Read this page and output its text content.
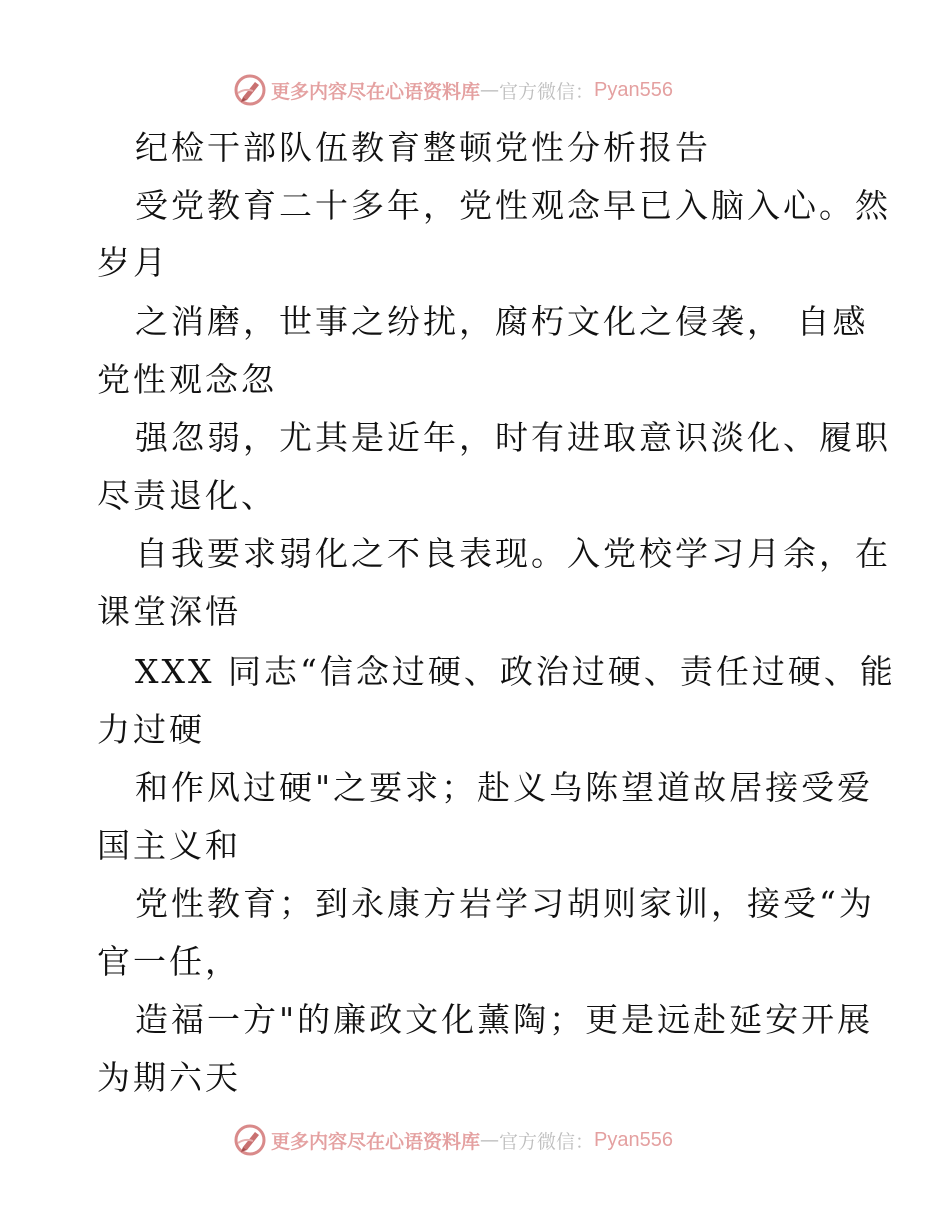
更多内容尽在心语资料库 — 官方微信： Pyan556
纪检干部队伍教育整顿党性分析报告
受党教育二十多年，党性观念早已入脑入心。然
岁月
之消磨，世事之纷扰，腐朽文化之侵袭， 自感
党性观念忽
强忽弱，尤其是近年，时有进取意识淡化、履职
尽责退化、
自我要求弱化之不良表现。入党校学习月余，在
课堂深悟
XXX 同志“信念过硬、政治过硬、责任过硬、能
力过硬
和作风过硬"之要求；赴义乌陈望道故居接受爱
国主义和
党性教育；到永康方岩学习胡则家训，接受“为
官一任，
造福一方"的廉政文化薰陶；更是远赴延安开展
为期六天
更多内容尽在心语资料库 — 官方微信： Pyan556
